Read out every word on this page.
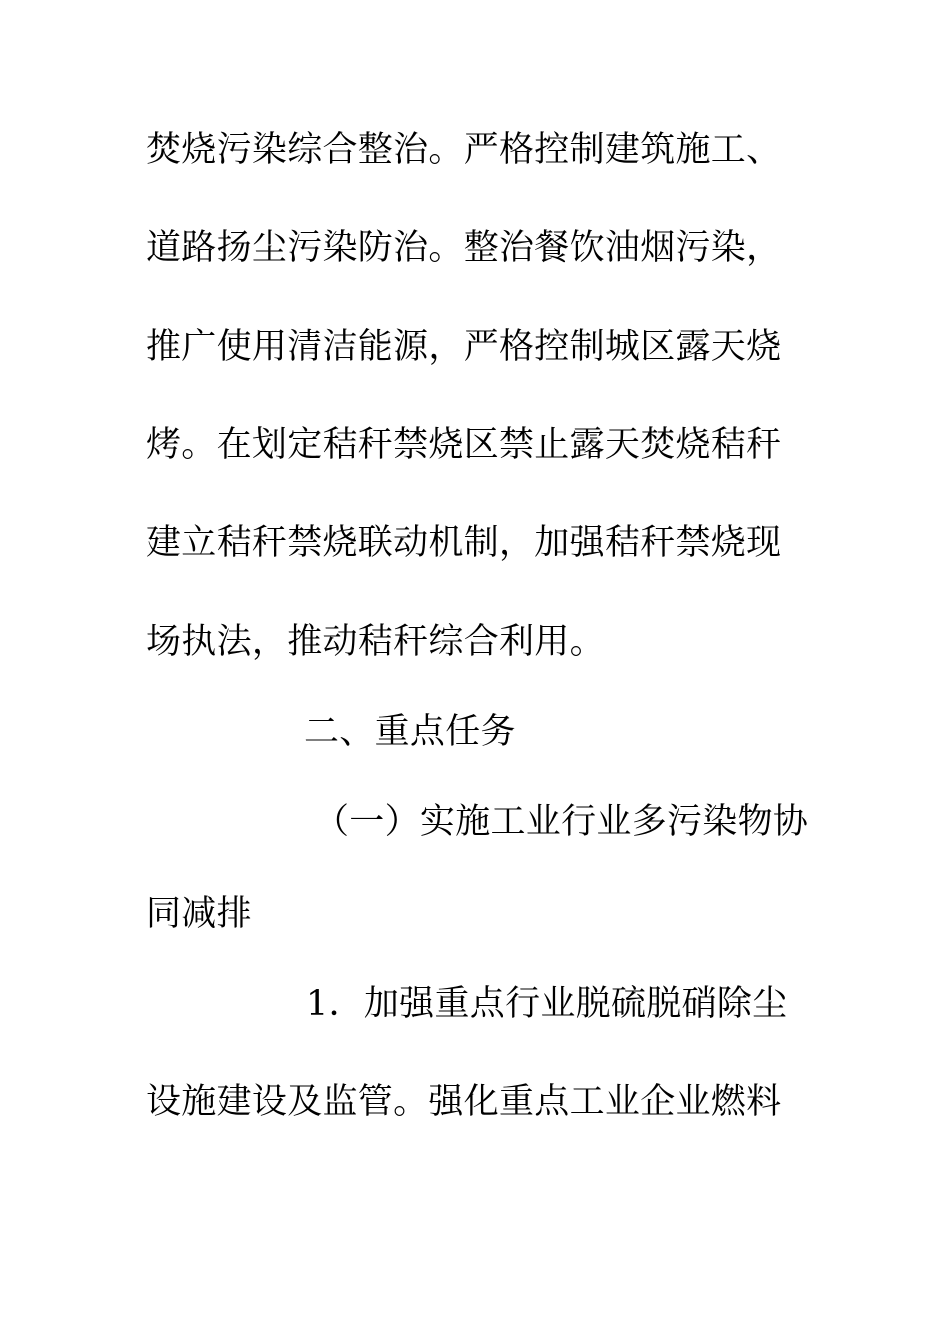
焚烧污染综合整治。严格控制建筑施工、
道路扬尘污染防治。整治餐饮油烟污染，
推广使用清洁能源，严格控制城区露天烧
烤。在划定秸秆禁烧区禁止露天焚烧秸秆
建立秸秆禁烧联动机制，加强秸秆禁烧现
场执法，推动秸秆综合利用。
二、重点任务
（一）实施工业行业多污染物协
同减排
1．加强重点行业脱硫脱硝除尘
设施建设及监管。强化重点工业企业燃料
